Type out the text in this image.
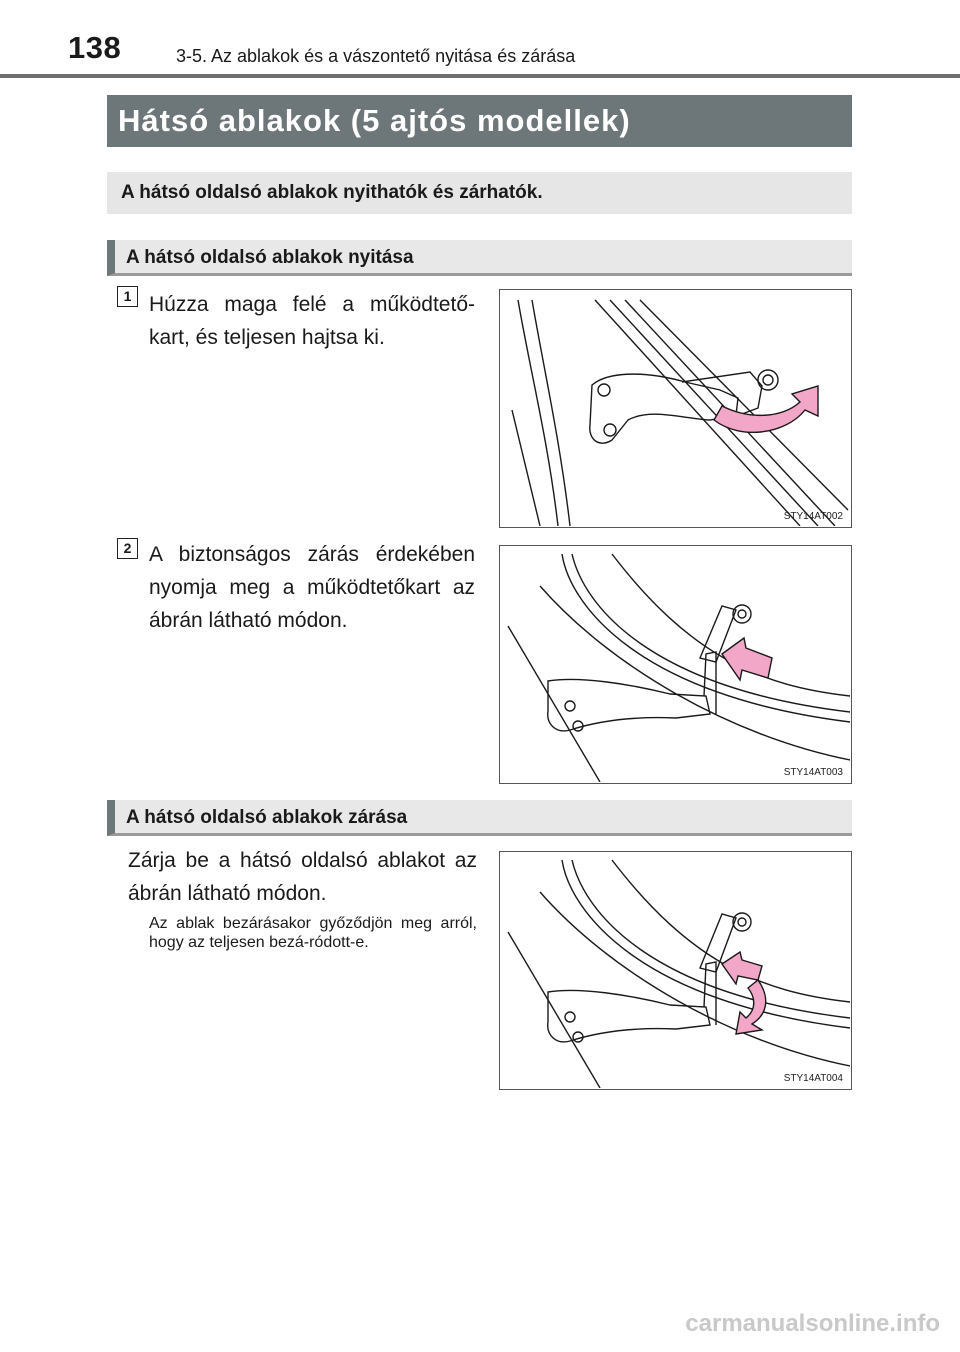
138	3-5. Az ablakok és a vászontető nyitása és zárása
Hátsó ablakok (5 ajtós modellek)
A hátsó oldalsó ablakok nyithatók és zárhatók.
A hátsó oldalsó ablakok nyitása
1 Húzza maga felé a működtető-kart, és teljesen hajtsa ki.
STY14AT002
2 A biztonságos zárás érdekében nyomja meg a működtetőkart az ábrán látható módon.
STY14AT003
A hátsó oldalsó ablakok zárása
Zárja be a hátsó oldalsó ablakot az ábrán látható módon.
Az ablak bezárásakor győződjön meg arról, hogy az teljesen bezá-ródott-e.
STY14AT004
carmanualsonline.info
